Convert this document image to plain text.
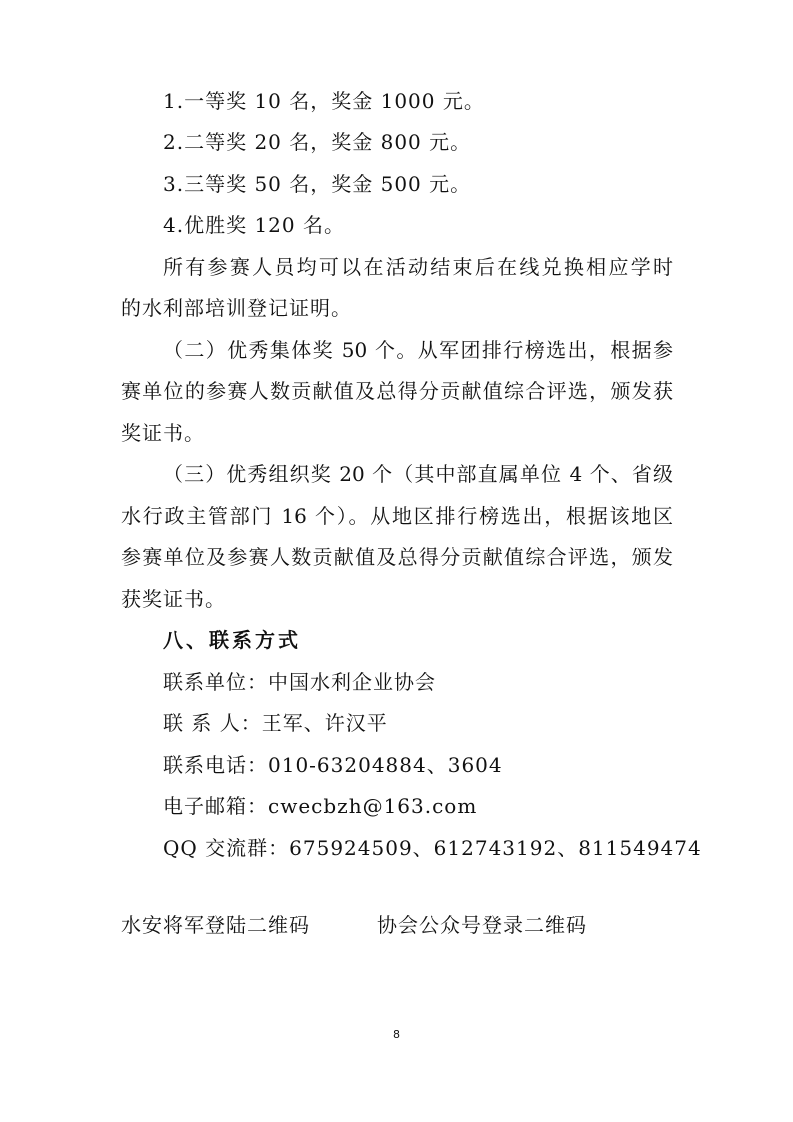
1.一等奖 10 名，奖金 1000 元。
2.二等奖 20 名，奖金 800 元。
3.三等奖 50 名，奖金 500 元。
4.优胜奖 120 名。
所有参赛人员均可以在活动结束后在线兑换相应学时
的水利部培训登记证明。
（二）优秀集体奖 50 个。从军团排行榜选出，根据参
赛单位的参赛人数贡献值及总得分贡献值综合评选，颁发获
奖证书。
（三）优秀组织奖 20 个（其中部直属单位 4 个、省级
水行政主管部门 16 个）。从地区排行榜选出，根据该地区
参赛单位及参赛人数贡献值及总得分贡献值综合评选，颁发
获奖证书。
八、联系方式
联系单位：中国水利企业协会
联 系 人：王军、许汉平
联系电话：010-63204884、3604
电子邮箱：cwecbzh@163.com
QQ 交流群：675924509、612743192、811549474
水安将军登陆二维码	协会公众号登录二维码
8
